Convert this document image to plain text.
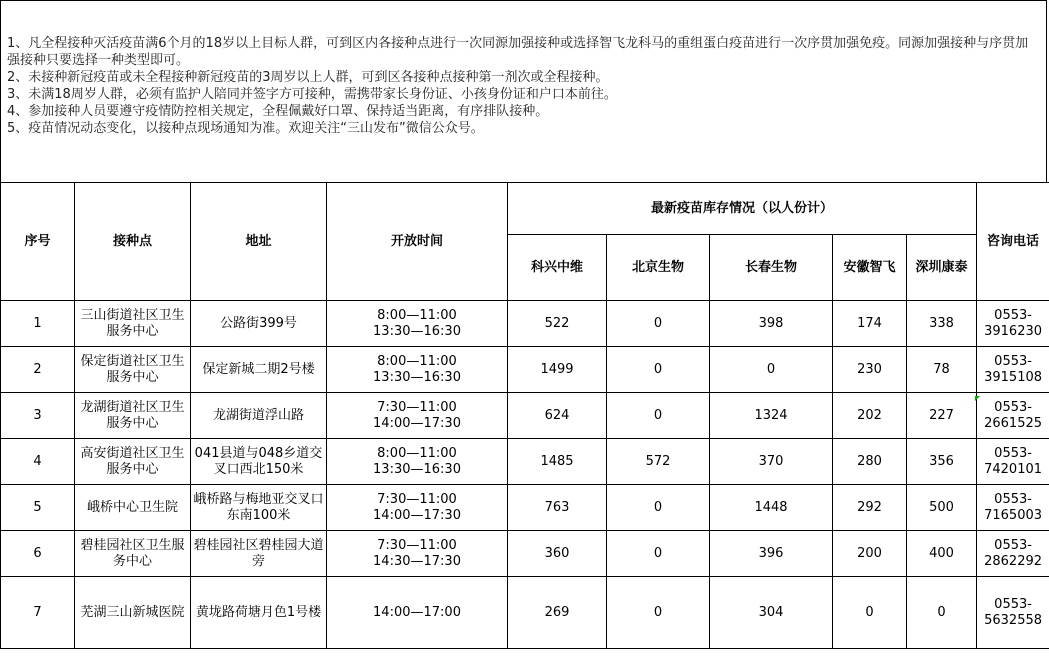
1、凡全程接种灭活疫苗满6个月的18岁以上目标人群，可到区内各接种点进行一次同源加强接种或选择智飞龙科马的重组蛋白疫苗进行一次序贯加强免疫。同源加强接种与序贯加强接种只要选择一种类型即可。

2、未接种新冠疫苗或未全程接种新冠疫苗的3周岁以上人群，可到区各接种点接种第一剂次或全程接种。

3、未满18周岁人群，必须有监护人陪同并签字方可接种，需携带家长身份证、小孩身份证和户口本前往。

4、参加接种人员要遵守疫情防控相关规定，全程佩戴好口罩、保持适当距离，有序排队接种。

5、疫苗情况动态变化，以接种点现场通知为准。欢迎关注“三山发布”微信公众号。

序号	接种点	地址	开放时间	最新疫苗库存情况（以人份计）					咨询电话
				科兴中维	北京生物	长春生物	安徽智飞	深圳康泰	
1	三山街道社区卫生服务中心	公路街399号	8:00—11:00
13:30—16:30	522	0	398	174	338	0553-
3916230

2	保定街道社区卫生服务中心	保定新城二期2号楼	8:00—11:00
13:30—16:30	1499	0	0	230	78	0553-
3915108

3	龙湖街道社区卫生服务中心	龙湖街道浮山路	7:30—11:00
14:00—17:30	624	0	1324	202	227	0553-
2661525

4	高安街道社区卫生服务中心	041县道与048乡道交叉口西北150米	8:00—11:00
13:30—16:30	1485	572	370	280	356	0553-
7420101

5	峨桥中心卫生院	峨桥路与梅地亚交叉口东南100米	7:30—11:00
14:00—17:30	763	0	1448	292	500	0553-
7165003

6	碧桂园社区卫生服务中心	碧桂园社区碧桂园大道旁	7:30—11:00
14:30—17:30	360	0	396	200	400	0553-
2862292

7	芜湖三山新城医院	黄垅路荷塘月色1号楼	14:00—17:00	269	0	304	0	0	0553-
5632558
